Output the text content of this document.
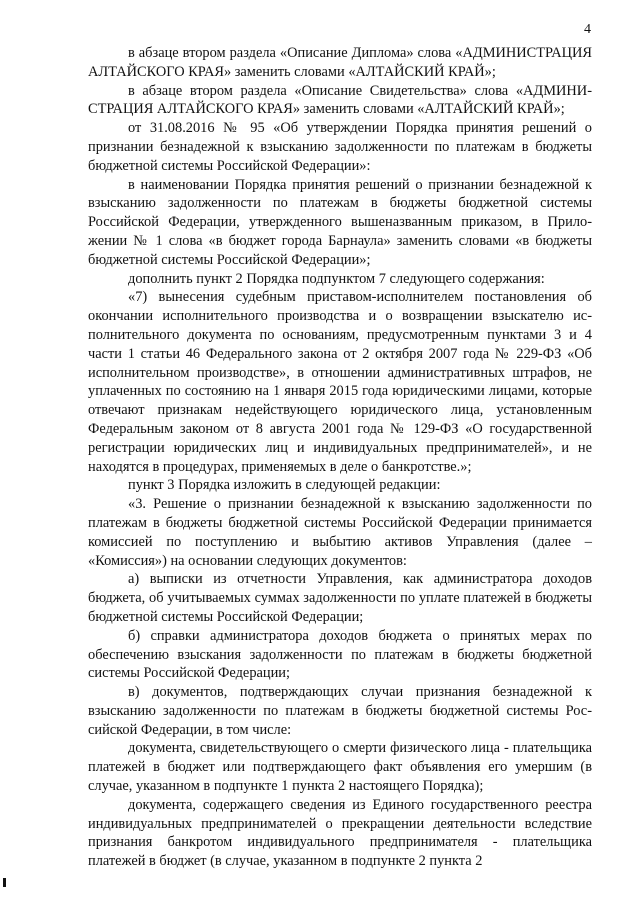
4

в абзаце втором раздела «Описание Диплома» слова «АДМИНИСТРАЦИЯ АЛТАЙСКОГО КРАЯ» заменить словами «АЛТАЙСКИЙ КРАЙ»;

в абзаце втором раздела «Описание Свидетельства» слова «АДМИНИСТРАЦИЯ АЛТАЙСКОГО КРАЯ» заменить словами «АЛТАЙСКИЙ КРАЙ»;

от 31.08.2016 № 95 «Об утверждении Порядка принятия решений о признании безнадежной к взысканию задолженности по платежам в бюджеты бюджетной системы Российской Федерации»:

в наименовании Порядка принятия решений о признании безнадежной к взысканию задолженности по платежам в бюджеты бюджетной системы Российской Федерации, утвержденного вышеназванным приказом, в Приложении № 1 слова «в бюджет города Барнаула» заменить словами «в бюджеты бюджетной системы Российской Федерации»;

дополнить пункт 2 Порядка подпунктом 7 следующего содержания:

«7) вынесения судебным приставом-исполнителем постановления об окончании исполнительного производства и о возвращении взыскателю исполнительного документа по основаниям, предусмотренным пунктами 3 и 4 части 1 статьи 46 Федерального закона от 2 октября 2007 года № 229-ФЗ «Об исполнительном производстве», в отношении административных штрафов, не уплаченных по состоянию на 1 января 2015 года юридическими лицами, которые отвечают признакам недействующего юридического лица, установленным Федеральным законом от 8 августа 2001 года № 129-ФЗ «О государственной регистрации юридических лиц и индивидуальных предпринимателей», и не находятся в процедурах, применяемых в деле о банкротстве.»;

пункт 3 Порядка изложить в следующей редакции:

«3. Решение о признании безнадежной к взысканию задолженности по платежам в бюджеты бюджетной системы Российской Федерации принимается комиссией по поступлению и выбытию активов Управления (далее – «Комиссия») на основании следующих документов:

а) выписки из отчетности Управления, как администратора доходов бюджета, об учитываемых суммах задолженности по уплате платежей в бюджеты бюджетной системы Российской Федерации;

б) справки администратора доходов бюджета о принятых мерах по обеспечению взыскания задолженности по платежам в бюджеты бюджетной системы Российской Федерации;

в) документов, подтверждающих случаи признания безнадежной к взысканию задолженности по платежам в бюджеты бюджетной системы Российской Федерации, в том числе:

документа, свидетельствующего о смерти физического лица - плательщика платежей в бюджет или подтверждающего факт объявления его умершим (в случае, указанном в подпункте 1 пункта 2 настоящего Порядка);

документа, содержащего сведения из Единого государственного реестра индивидуальных предпринимателей о прекращении деятельности вследствие признания банкротом индивидуального предпринимателя - плательщика платежей в бюджет (в случае, указанном в подпункте 2 пункта 2
